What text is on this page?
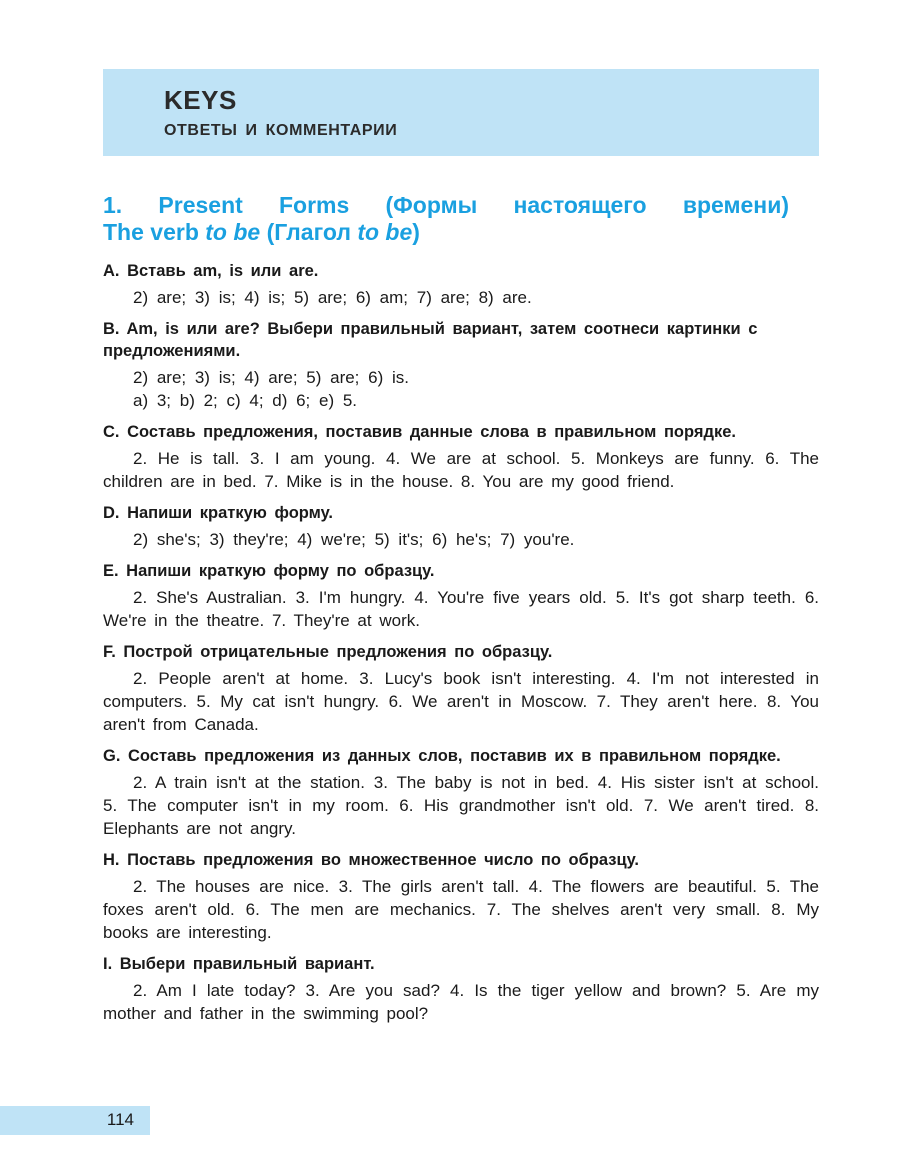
KEYS
ОТВЕТЫ И КОММЕНТАРИИ
1. Present Forms (Формы настоящего времени)
The verb to be (Глагол to be)

A. Вставь am, is или are.

2) are; 3) is; 4) is; 5) are; 6) am; 7) are; 8) are.

B. Am, is или are? Выбери правильный вариант, затем соотнеси картинки с предложениями.

2) are; 3) is; 4) are; 5) are; 6) is.
a) 3; b) 2; c) 4; d) 6; e) 5.

C. Составь предложения, поставив данные слова в правильном порядке.

2. He is tall. 3. I am young. 4. We are at school. 5. Monkeys are funny. 6. The children are in bed. 7. Mike is in the house. 8. You are my good friend.

D. Напиши краткую форму.

2) she's; 3) they're; 4) we're; 5) it's; 6) he's; 7) you're.

E. Напиши краткую форму по образцу.

2. She's Australian. 3. I'm hungry. 4. You're five years old. 5. It's got sharp teeth. 6. We're in the theatre. 7. They're at work.

F. Построй отрицательные предложения по образцу.

2. People aren't at home. 3. Lucy's book isn't interesting. 4. I'm not interested in computers. 5. My cat isn't hungry. 6. We aren't in Moscow. 7. They aren't here. 8. You aren't from Canada.

G. Составь предложения из данных слов, поставив их в правильном порядке.

2. A train isn't at the station. 3. The baby is not in bed. 4. His sister isn't at school. 5. The computer isn't in my room. 6. His grandmother isn't old. 7. We aren't tired. 8. Elephants are not angry.

H. Поставь предложения во множественное число по образцу.

2. The houses are nice. 3. The girls aren't tall. 4. The flowers are beautiful. 5. The foxes aren't old. 6. The men are mechanics. 7. The shelves aren't very small. 8. My books are interesting.

I. Выбери правильный вариант.

2. Am I late today? 3. Are you sad? 4. Is the tiger yellow and brown? 5. Are my mother and father in the swimming pool?

114
